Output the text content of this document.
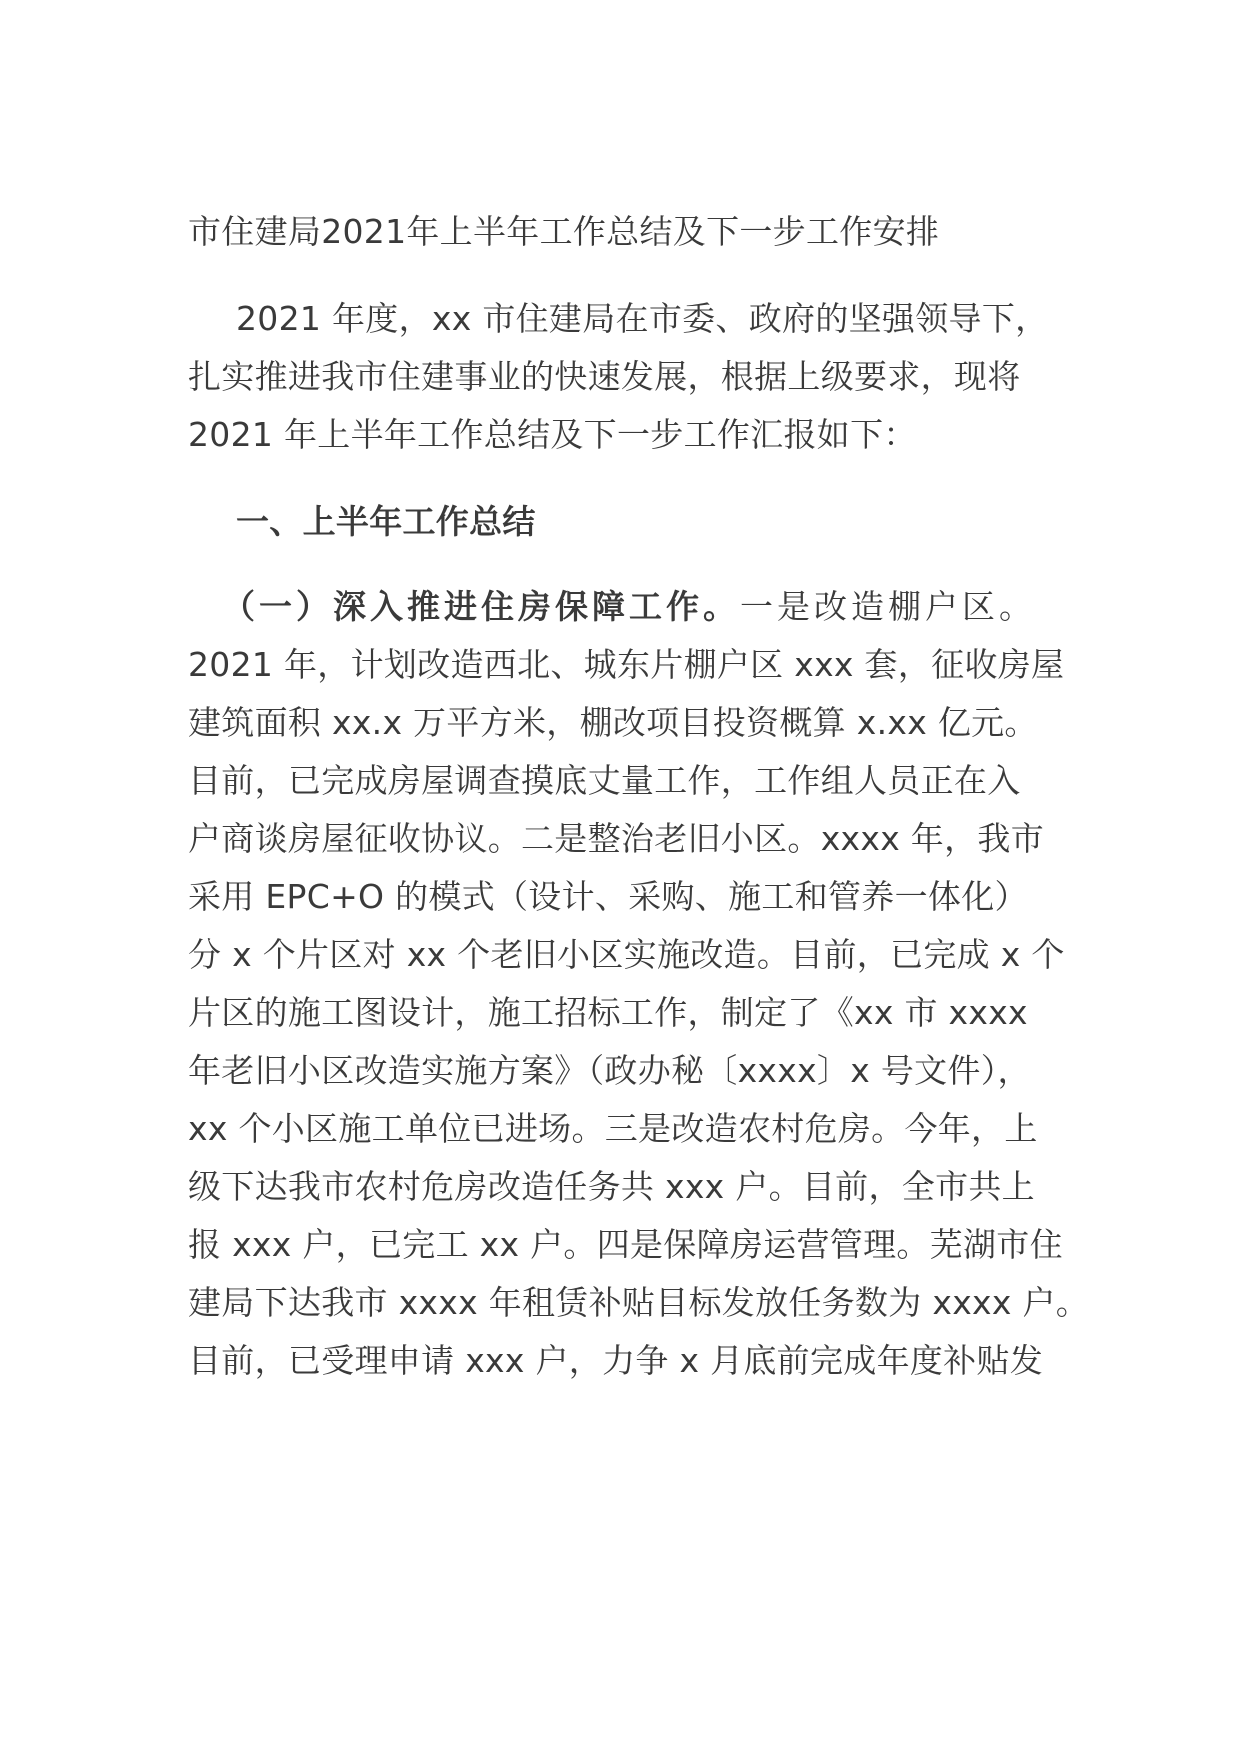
市住建局2021年上半年工作总结及下一步工作安排
2021 年度，xx 市住建局在市委、政府的坚强领导下，
扎实推进我市住建事业的快速发展，根据上级要求，现将
2021 年上半年工作总结及下一步工作汇报如下：
一、上半年工作总结
（一）深入推进住房保障工作。一是改造棚户区。
2021 年，计划改造西北、城东片棚户区 xxx 套，征收房屋
建筑面积 xx.x 万平方米，棚改项目投资概算 x.xx 亿元。
目前，已完成房屋调查摸底丈量工作，工作组人员正在入
户商谈房屋征收协议。二是整治老旧小区。xxxx 年，我市
采用 EPC+O 的模式（设计、采购、施工和管养一体化）
分 x 个片区对 xx 个老旧小区实施改造。目前，已完成 x 个
片区的施工图设计，施工招标工作，制定了《xx 市 xxxx
年老旧小区改造实施方案》（政办秘〔xxxx〕x 号文件），
xx 个小区施工单位已进场。三是改造农村危房。今年，上
级下达我市农村危房改造任务共 xxx 户。目前，全市共上
报 xxx 户，已完工 xx 户。四是保障房运营管理。芜湖市住
建局下达我市 xxxx 年租赁补贴目标发放任务数为 xxxx 户。
目前，已受理申请 xxx 户，力争 x 月底前完成年度补贴发
